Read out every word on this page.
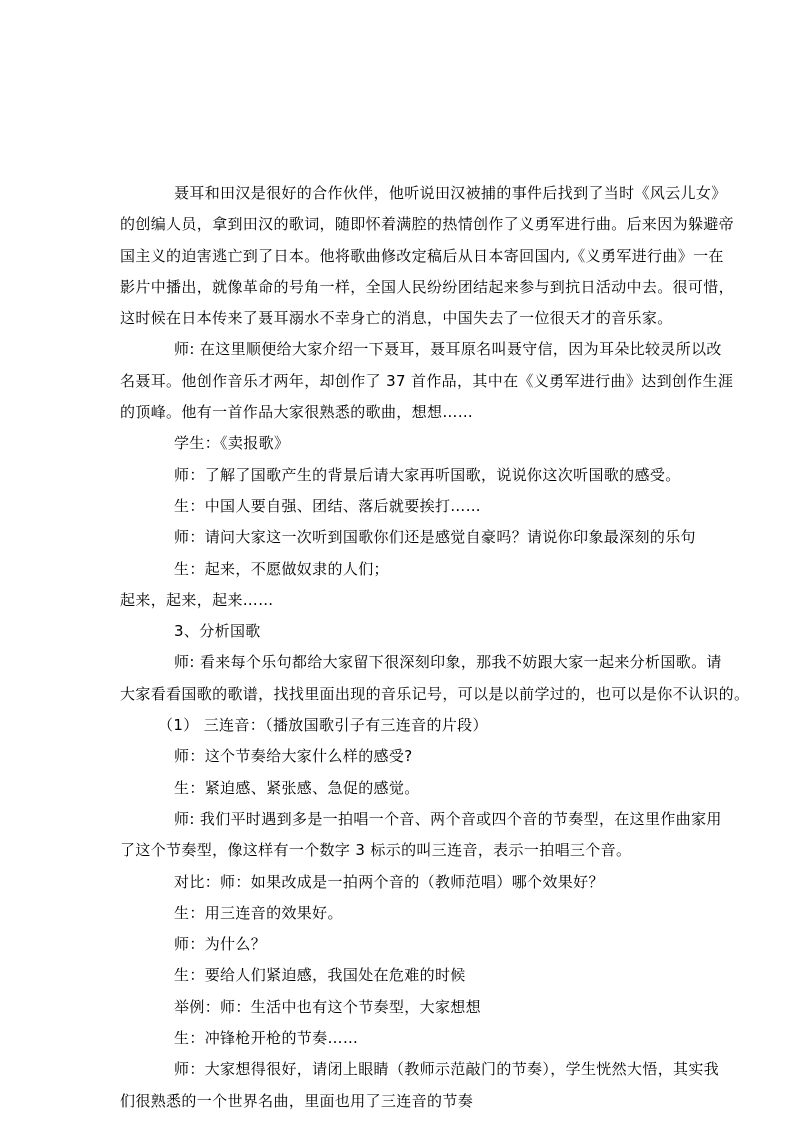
聂耳和田汉是很好的合作伙伴，他听说田汉被捕的事件后找到了当时《风云儿女》
的创编人员，拿到田汉的歌词，随即怀着满腔的热情创作了义勇军进行曲。后来因为躲避帝
国主义的迫害逃亡到了日本。他将歌曲修改定稿后从日本寄回国内,《义勇军进行曲》一在
影片中播出，就像革命的号角一样，全国人民纷纷团结起来参与到抗日活动中去。很可惜，
这时候在日本传来了聂耳溺水不幸身亡的消息，中国失去了一位很天才的音乐家。
师: 在这里顺便给大家介绍一下聂耳，聂耳原名叫聂守信，因为耳朵比较灵所以改
名聂耳。他创作音乐才两年，却创作了 37 首作品，其中在《义勇军进行曲》达到创作生涯
的顶峰。他有一首作品大家很熟悉的歌曲，想想……
学生：《卖报歌》
师：了解了国歌产生的背景后请大家再听国歌，说说你这次听国歌的感受。
生：中国人要自强、团结、落后就要挨打……
师：请问大家这一次听到国歌你们还是感觉自豪吗？请说你印象最深刻的乐句
生：起来，不愿做奴隶的人们；
起来，起来，起来……
3、分析国歌
师: 看来每个乐句都给大家留下很深刻印象，那我不妨跟大家一起来分析国歌。请
大家看看国歌的歌谱，找找里面出现的音乐记号，可以是以前学过的，也可以是你不认识的。
（1） 三连音：（播放国歌引子有三连音的片段）
师：这个节奏给大家什么样的感受?
生：紧迫感、紧张感、急促的感觉。
师: 我们平时遇到多是一拍唱一个音、两个音或四个音的节奏型，在这里作曲家用
了这个节奏型，像这样有一个数字 3 标示的叫三连音，表示一拍唱三个音。
对比：师：如果改成是一拍两个音的（教师范唱）哪个效果好？
生：用三连音的效果好。
师：为什么？
生：要给人们紧迫感，我国处在危难的时候
举例：师：生活中也有这个节奏型，大家想想
生：冲锋枪开枪的节奏……
师：大家想得很好，请闭上眼睛（教师示范敲门的节奏），学生恍然大悟，其实我
们很熟悉的一个世界名曲，里面也用了三连音的节奏
